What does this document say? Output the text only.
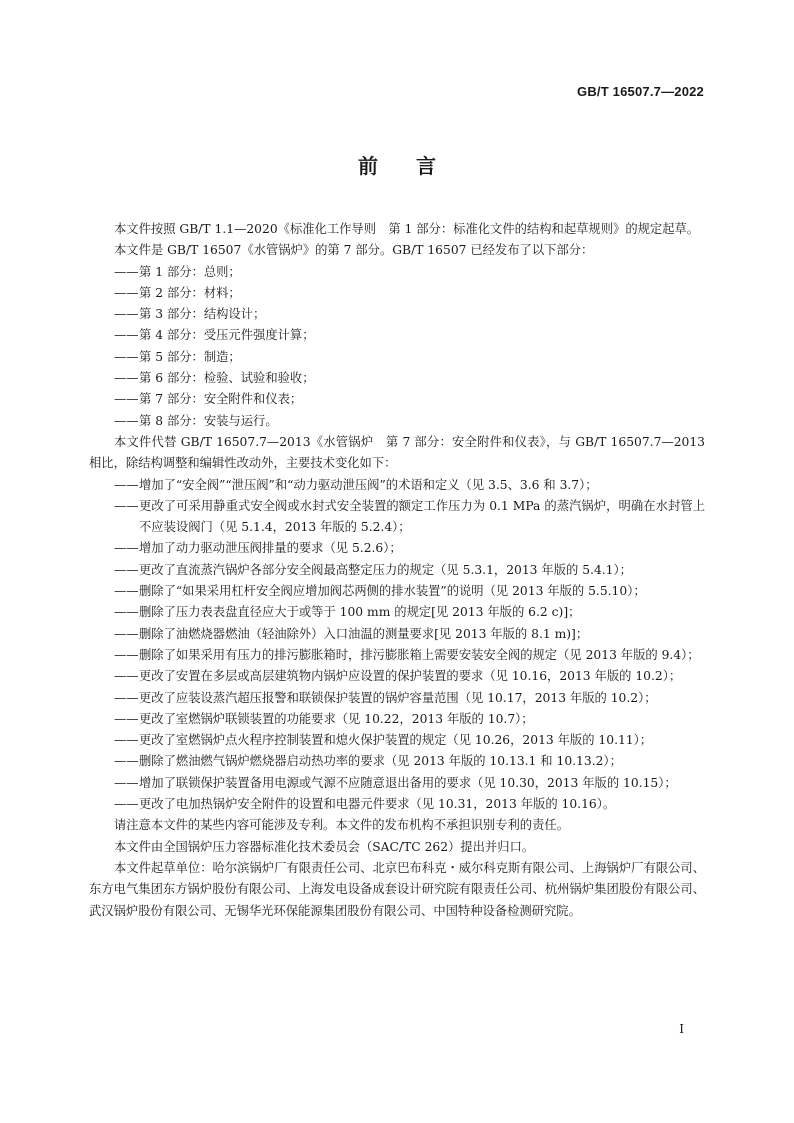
GB/T 16507.7—2022
前言

本文件按照 GB/T 1.1—2020《标准化工作导则　第 1 部分：标准化文件的结构和起草规则》的规定起草。

本文件是 GB/T 16507《水管锅炉》的第 7 部分。GB/T 16507 已经发布了以下部分：

——第 1 部分：总则；

——第 2 部分：材料；

——第 3 部分：结构设计；

——第 4 部分：受压元件强度计算；

——第 5 部分：制造；

——第 6 部分：检验、试验和验收；

——第 7 部分：安全附件和仪表；

——第 8 部分：安装与运行。

本文件代替 GB/T 16507.7—2013《水管锅炉　第 7 部分：安全附件和仪表》，与 GB/T 16507.7—2013 相比，除结构调整和编辑性改动外，主要技术变化如下：

——增加了“安全阀”“泄压阀”和“动力驱动泄压阀”的术语和定义（见 3.5、3.6 和 3.7）；

——更改了可采用静重式安全阀或水封式安全装置的额定工作压力为 0.1 MPa 的蒸汽锅炉，明确在水封管上不应装设阀门（见 5.1.4，2013 年版的 5.2.4）；

——增加了动力驱动泄压阀排量的要求（见 5.2.6）；

——更改了直流蒸汽锅炉各部分安全阀最高整定压力的规定（见 5.3.1，2013 年版的 5.4.1）；

——删除了“如果采用杠杆安全阀应增加阀芯两侧的排水装置”的说明（见 2013 年版的 5.5.10）；

——删除了压力表表盘直径应大于或等于 100 mm 的规定[见 2013 年版的 6.2 c)]；

——删除了油燃烧器燃油（轻油除外）入口油温的测量要求[见 2013 年版的 8.1 m)]；

——删除了如果采用有压力的排污膨胀箱时，排污膨胀箱上需要安装安全阀的规定（见 2013 年版的 9.4）；

——更改了安置在多层或高层建筑物内锅炉应设置的保护装置的要求（见 10.16，2013 年版的 10.2）；

——更改了应装设蒸汽超压报警和联锁保护装置的锅炉容量范围（见 10.17，2013 年版的 10.2）；

——更改了室燃锅炉联锁装置的功能要求（见 10.22，2013 年版的 10.7）；

——更改了室燃锅炉点火程序控制装置和熄火保护装置的规定（见 10.26，2013 年版的 10.11）；

——删除了燃油燃气锅炉燃烧器启动热功率的要求（见 2013 年版的 10.13.1 和 10.13.2）；

——增加了联锁保护装置备用电源或气源不应随意退出备用的要求（见 10.30，2013 年版的 10.15）；

——更改了电加热锅炉安全附件的设置和电器元件要求（见 10.31，2013 年版的 10.16）。

请注意本文件的某些内容可能涉及专利。本文件的发布机构不承担识别专利的责任。

本文件由全国锅炉压力容器标准化技术委员会（SAC/TC 262）提出并归口。

本文件起草单位：哈尔滨锅炉厂有限责任公司、北京巴布科克・威尔科克斯有限公司、上海锅炉厂有限公司、东方电气集团东方锅炉股份有限公司、上海发电设备成套设计研究院有限责任公司、杭州锅炉集团股份有限公司、武汉锅炉股份有限公司、无锡华光环保能源集团股份有限公司、中国特种设备检测研究院。

I
